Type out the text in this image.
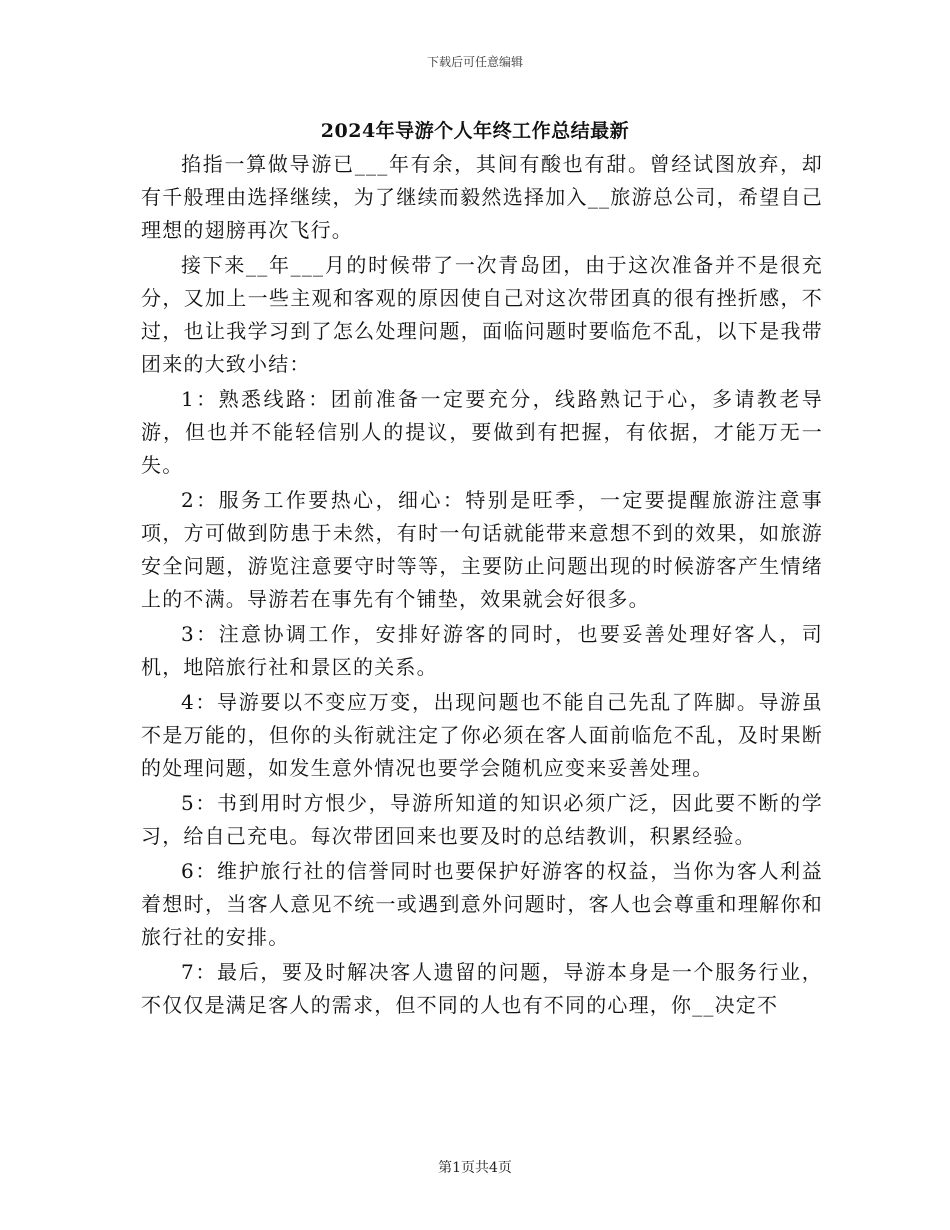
下载后可任意编辑
2024年导游个人年终工作总结最新

掐指一算做导游已___年有余，其间有酸也有甜。曾经试图放弃，却有千般理由选择继续，为了继续而毅然选择加入__旅游总公司，希望自己理想的翅膀再次飞行。

接下来__年___月的时候带了一次青岛团，由于这次准备并不是很充分，又加上一些主观和客观的原因使自己对这次带团真的很有挫折感，不过，也让我学习到了怎么处理问题，面临问题时要临危不乱，以下是我带团来的大致小结：

1：熟悉线路：团前准备一定要充分，线路熟记于心，多请教老导游，但也并不能轻信别人的提议，要做到有把握，有依据，才能万无一失。

2：服务工作要热心，细心：特别是旺季，一定要提醒旅游注意事项，方可做到防患于未然，有时一句话就能带来意想不到的效果，如旅游安全问题，游览注意要守时等等，主要防止问题出现的时候游客产生情绪上的不满。导游若在事先有个铺垫，效果就会好很多。

3：注意协调工作，安排好游客的同时，也要妥善处理好客人，司机，地陪旅行社和景区的关系。

4：导游要以不变应万变，出现问题也不能自己先乱了阵脚。导游虽不是万能的，但你的头衔就注定了你必须在客人面前临危不乱，及时果断的处理问题，如发生意外情况也要学会随机应变来妥善处理。

5：书到用时方恨少，导游所知道的知识必须广泛，因此要不断的学习，给自己充电。每次带团回来也要及时的总结教训，积累经验。

6：维护旅行社的信誉同时也要保护好游客的权益，当你为客人利益着想时，当客人意见不统一或遇到意外问题时，客人也会尊重和理解你和旅行社的安排。

7：最后，要及时解决客人遗留的问题，导游本身是一个服务行业，不仅仅是满足客人的需求，但不同的人也有不同的心理，你__决定不

第1页共4页
